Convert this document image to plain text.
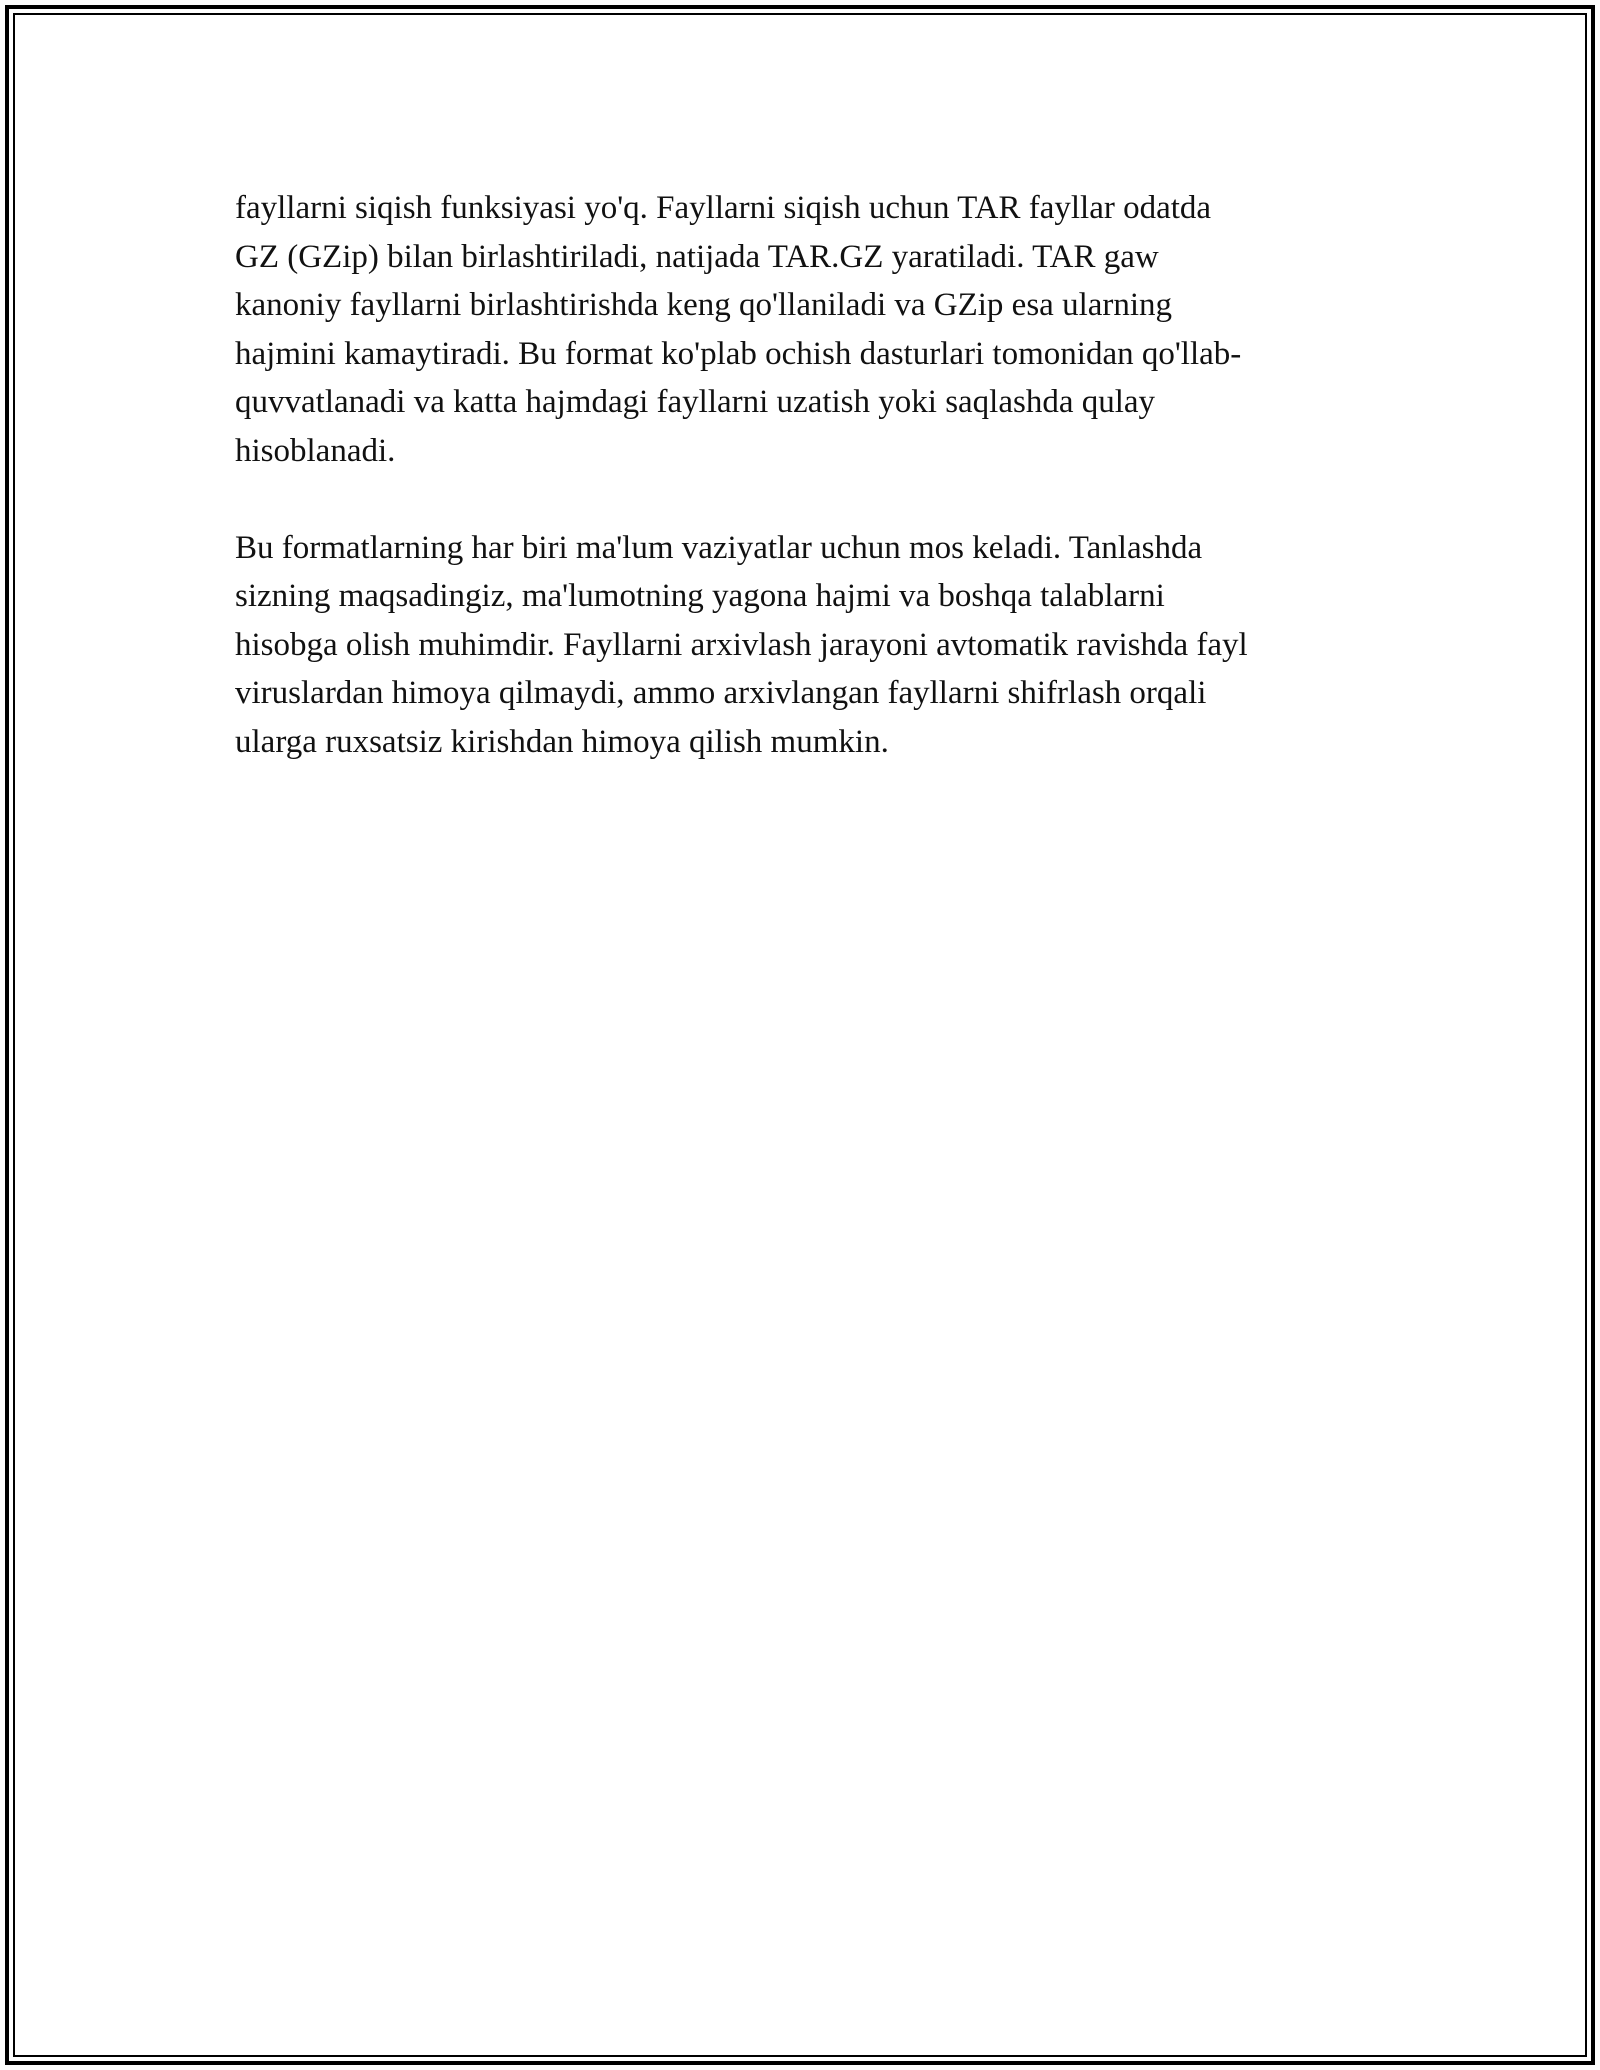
fayllarni siqish funksiyasi yo'q. Fayllarni siqish uchun TAR fayllar odatda
GZ (GZip) bilan birlashtiriladi, natijada TAR.GZ yaratiladi. TAR gaw
kanoniy fayllarni birlashtirishda keng qo'llaniladi va GZip esa ularning
hajmini kamaytiradi. Bu format ko'plab ochish dasturlari tomonidan qo'llab-
quvvatlanadi va katta hajmdagi fayllarni uzatish yoki saqlashda qulay
hisoblanadi.

Bu formatlarning har biri ma'lum vaziyatlar uchun mos keladi. Tanlashda
sizning maqsadingiz, ma'lumotning yagona hajmi va boshqa talablarni
hisobga olish muhimdir. Fayllarni arxivlash jarayoni avtomatik ravishda fayl
viruslardan himoya qilmaydi, ammo arxivlangan fayllarni shifrlash orqali
ularga ruxsatsiz kirishdan himoya qilish mumkin.
